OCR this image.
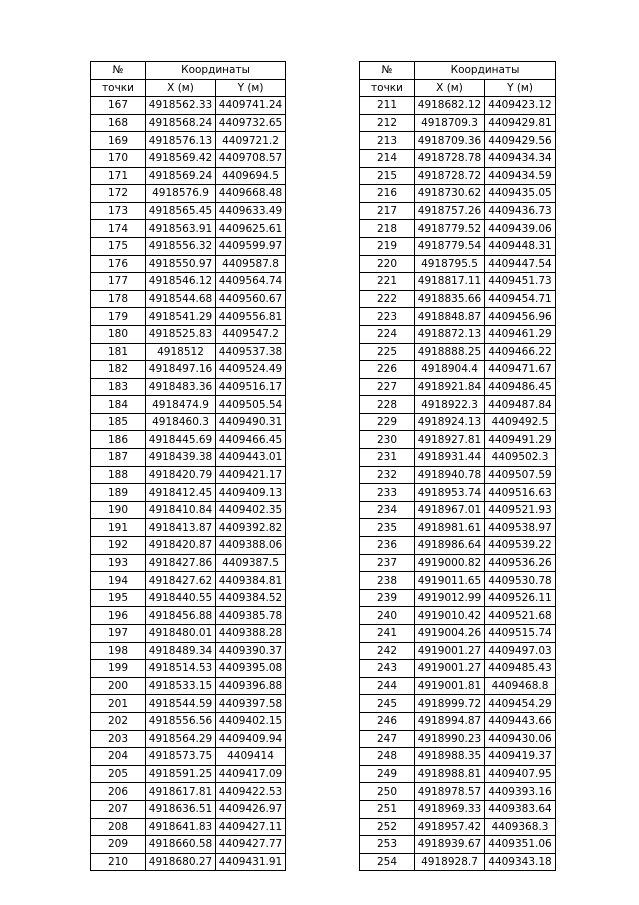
№	Координаты	
точки	X (м)	Y (м)
167	4918562.33	4409741.24
168	4918568.24	4409732.65
169	4918576.13	4409721.2
170	4918569.42	4409708.57
171	4918569.24	4409694.5
172	4918576.9	4409668.48
173	4918565.45	4409633.49
174	4918563.91	4409625.61
175	4918556.32	4409599.97
176	4918550.97	4409587.8
177	4918546.12	4409564.74
178	4918544.68	4409560.67
179	4918541.29	4409556.81
180	4918525.83	4409547.2
181	4918512	4409537.38
182	4918497.16	4409524.49
183	4918483.36	4409516.17
184	4918474.9	4409505.54
185	4918460.3	4409490.31
186	4918445.69	4409466.45
187	4918439.38	4409443.01
188	4918420.79	4409421.17
189	4918412.45	4409409.13
190	4918410.84	4409402.35
191	4918413.87	4409392.82
192	4918420.87	4409388.06
193	4918427.86	4409387.5
194	4918427.62	4409384.81
195	4918440.55	4409384.52
196	4918456.88	4409385.78
197	4918480.01	4409388.28
198	4918489.34	4409390.37
199	4918514.53	4409395.08
200	4918533.15	4409396.88
201	4918544.59	4409397.58
202	4918556.56	4409402.15
203	4918564.29	4409409.94
204	4918573.75	4409414
205	4918591.25	4409417.09
206	4918617.81	4409422.53
207	4918636.51	4409426.97
208	4918641.83	4409427.11
209	4918660.58	4409427.77
210	4918680.27	4409431.91
№	Координаты	
точки	X (м)	Y (м)
211	4918682.12	4409423.12
212	4918709.3	4409429.81
213	4918709.36	4409429.56
214	4918728.78	4409434.34
215	4918728.72	4409434.59
216	4918730.62	4409435.05
217	4918757.26	4409436.73
218	4918779.52	4409439.06
219	4918779.54	4409448.31
220	4918795.5	4409447.54
221	4918817.11	4409451.73
222	4918835.66	4409454.71
223	4918848.87	4409456.96
224	4918872.13	4409461.29
225	4918888.25	4409466.22
226	4918904.4	4409471.67
227	4918921.84	4409486.45
228	4918922.3	4409487.84
229	4918924.13	4409492.5
230	4918927.81	4409491.29
231	4918931.44	4409502.3
232	4918940.78	4409507.59
233	4918953.74	4409516.63
234	4918967.01	4409521.93
235	4918981.61	4409538.97
236	4918986.64	4409539.22
237	4919000.82	4409536.26
238	4919011.65	4409530.78
239	4919012.99	4409526.11
240	4919010.42	4409521.68
241	4919004.26	4409515.74
242	4919001.27	4409497.03
243	4919001.27	4409485.43
244	4919001.81	4409468.8
245	4918999.72	4409454.29
246	4918994.87	4409443.66
247	4918990.23	4409430.06
248	4918988.35	4409419.37
249	4918988.81	4409407.95
250	4918978.57	4409393.16
251	4918969.33	4409383.64
252	4918957.42	4409368.3
253	4918939.67	4409351.06
254	4918928.7	4409343.18
